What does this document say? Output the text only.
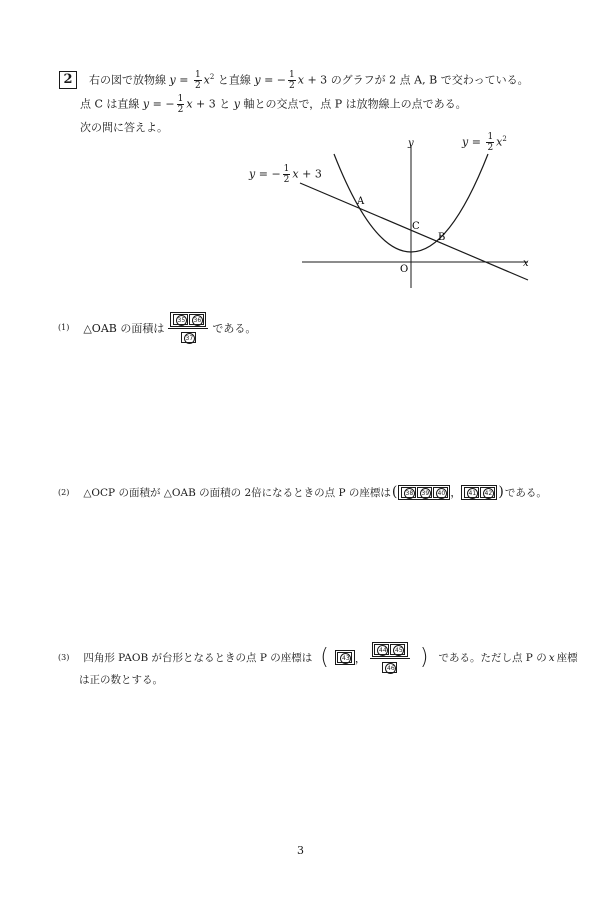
2	右の図で放物線 $y = \frac{1}{2} x^2$ と直線 y = − $\frac{1}{2}$ x + 3 のグラフが 2 点 A, B で交わっている。
点 C は直線 y = − $\frac{1}{2}$ x + 3 と y 軸との交点で，点 P は放物線上の点である。
次の問に答えよ。
y
x
O
A
B
C
$y = \frac{1}{2} x^2$
y = − $\frac{1}{2}$ x + 3
(1) △OAB の面積は $\frac{35 36}{37}$ である。
(2) △OCP の面積が △OAB の面積の 2倍になるときの点 P の座標は ( 38 39 40 ， 41 42 ) である。
(3) 四角形 PAOB が台形となるときの点 P の座標は ( 43 ， $\frac{44 45}{46}$ ) である。ただし点 P の x 座標
は正の数とする。
3
